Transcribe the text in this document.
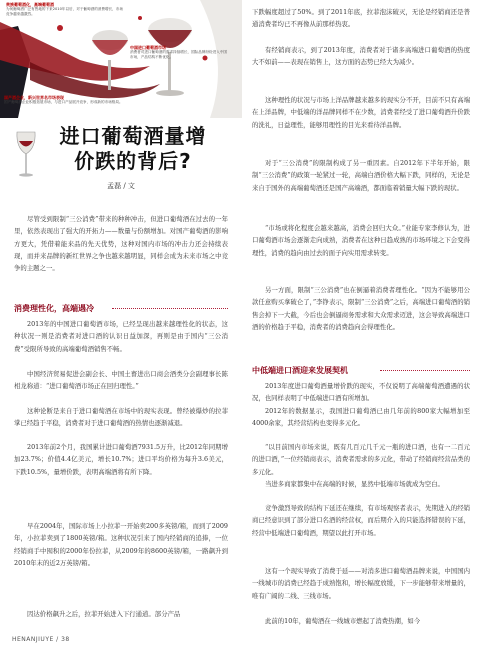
贵族葡萄酒化，高端葡萄酒
为何葡萄酒广泛有售地的下来2010年以后，对于葡萄酒的消费增长，市场竞争越来越激烈。
中国进口葡萄酒市场
消费者对进口葡萄酒的需求持续增长，国际品牌纷纷进入中国市场，产品结构不断优化。
国产酒企业，新兴世界名市场表现
国产葡萄酒企业积极拓展市场，与进口产品展开竞争，形成新的市场格局。
进口葡萄酒量增
价跌的背后?
孟磊 / 文
尽管受到限制“三公消费”带来的种种冲击，但进口葡萄酒在过去的一年里，依然表现出了强大的开拓力——数量与份额增加。对国产葡萄酒的影响方更大，凭借着能来品的先天优势，这种对国内市场的冲击力还会持续表现，而并来品牌的新红世界之争也越来越明显，同样会成为未来市场之中竞争的主题之一。
消费理性化，高端遇冷
2013年的中国进口葡萄酒市场，已经呈现出越来越理性化的状态，这种状况一则是消费者对进口酒的认识日益加深，再则是由于国内“三公消费”受限所导致的高端葡萄酒销售不畅。
中国经济贸易促进会副会长、中国土畜进出口商会酒类分会副理事长陈相龙称道：“进口葡萄酒市场正在回归理性。”
这种论断是来自于进口葡萄酒在市场中的现实表现。曾经被爆炒的拉菲掌已经趋于平稳，消费者对于进口葡萄酒的热情也逐渐减退。
2013年前2个月，我国累计进口葡萄酒7931.5万升，比2012年同期增加23.7%；价值4.4亿美元，增长10.7%；进口平均价格为每升3.6美元，下跌10.5%，量增价跌，表明高端酒将有所下降。
早在2004年，国际市场上小拉菲一开始卖200多英镑/箱，而到了2009年，小拉菲卖到了1800英镑/箱。这种状况引来了国内经销商的追捧，一位经销商手中囤积的2000年份拉菲，从2009年的8600英镑/箱，一路飙升到2010年末的近2万英镑/箱。
因达价格飙升之后，拉菲开始进入下行通道。部分产品
下跌幅度超过了50%。到了2011年底，拉菲泡沫破灭，无论是经销商还是普通消费者均已不再像从前那样热衷。
有经销商表示，到了2013年度，消费者对于诸多高端进口葡萄酒的热度大不如前——表现在销售上，这方面的态势已经大为减少。
这种理性的状况与市场上洋品牌越来越多的现实分不开，目前不只有高端在上洋品牌，中低端的洋品牌同样不在少数，消费者经受了进口葡萄酒升价跌的洗礼，日益理性，能够用理性的目光来看待洋品牌。
对于“三公消费”的限制构成了另一重因素。自2012年下半年开始，限制“三公消费”的政策一轮紧过一轮，高端白酒价格大幅下跌，同样的，无论是来自于国外的高端葡萄酒还是国产高端酒，都面临着销量大幅下跌的现状。
“市场或将化程度会越来越高，消费会回归大众。”业能专家李修认为，进口葡萄酒市场会逐渐走向成熟，消费者在这种日趋成熟的市场环境之下会变得理性，消费的趋向由过去的面子向实用需求转变。
另一方面，限制“三公消费”也在倒逼着消费者理性化。“因为不能够用公款任意购买拿破仑了，”李铮表示，限制“三公消费”之后，高端进口葡萄酒的销售会掉下一大截，今后也会倒逼商务需求和大众需求迈进，这会导致高端进口酒的价格趋于平稳，消费者的消费趋向会得理性化。
中低端进口酒迎来发展契机
2013年度进口葡萄酒量增价跌的现实，不仅说明了高端葡萄酒遭遇的状况，也同样表明了中低端进口酒有所增加。
2012年的数据显示，我国进口葡萄酒已由几年前的800家大幅增加至4000余家，其经营结构也变得多元化。
“以目前国内市场来说，既有几百元几千元一瓶的进口酒，也有一二百元的进口酒，”一位经销商表示，消费者需求的多元化，带动了经销商经营品类的多元化。
当进多商家都集中在高端的时候，显然中低端市场就成为空白。
竞争激烈导致的结构下延还在继续，有市场观察者表示，先期进入的经销商已经意识到了部分进口名酒的经营权，而后期介入的只能选择错误的下延，经营中低端进口葡萄酒，期望以此打开市场。
这有一个现实导致了消费于延——对消多进口葡萄酒品牌来说，中国国内一线城市的消费已经趋于成熟饱和，增长幅度放缓，下一步能够带来增量的，唯有广阔的二线、三线市场。
此前的10年，葡萄酒在一线城市燃起了消费热潮，如今
HENANJIUYE / 38
